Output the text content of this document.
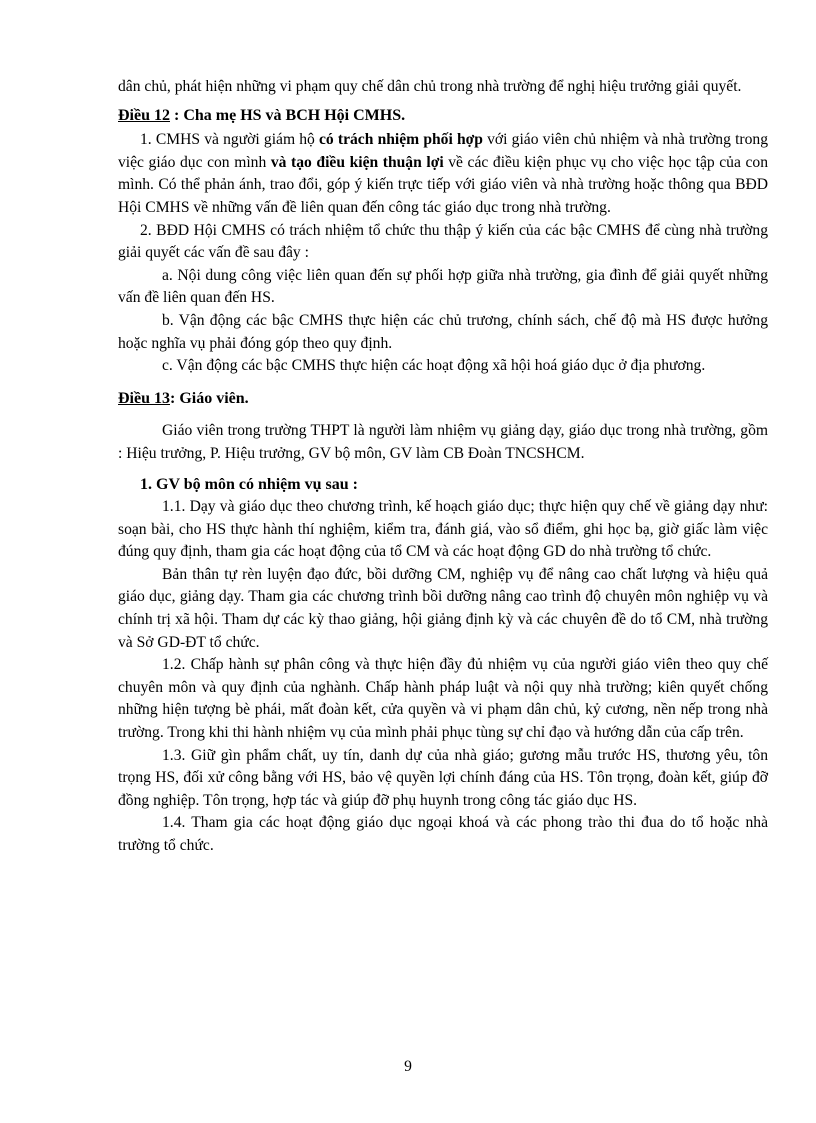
dân chủ, phát hiện những vi phạm quy chế dân chủ trong nhà trường để nghị hiệu trưởng giải quyết.

Điều 12 : Cha mẹ HS và BCH Hội CMHS.

1. CMHS và người giám hộ có trách nhiệm phối hợp với giáo viên chủ nhiệm và nhà trường trong việc giáo dục con mình và tạo điều kiện thuận lợi về các điều kiện phục vụ cho việc học tập của con mình. Có thể phản ánh, trao đổi, góp ý kiến trực tiếp với giáo viên và nhà trường hoặc thông qua BĐD Hội CMHS về những vấn đề liên quan đến công tác giáo dục trong nhà trường.

2. BĐD Hội CMHS có trách nhiệm tổ chức thu thập ý kiến của các bậc CMHS để cùng nhà trường giải quyết các vấn đề sau đây :

a. Nội dung công việc liên quan đến sự phối hợp giữa nhà trường, gia đình để giải quyết những vấn đề liên quan đến HS.

b. Vận động các bậc CMHS thực hiện các chủ trương, chính sách, chế độ mà HS được hưởng hoặc nghĩa vụ phải đóng góp theo quy định.

c. Vận động các bậc CMHS thực hiện các hoạt động xã hội hoá giáo dục ở địa phương.

Điều 13: Giáo viên.

Giáo viên trong trường THPT là người làm nhiệm vụ giảng dạy, giáo dục trong nhà trường, gồm : Hiệu trưởng, P. Hiệu trưởng, GV bộ môn, GV làm CB Đoàn TNCSHCM.

1. GV bộ môn có nhiệm vụ sau :

1.1. Dạy và giáo dục theo chương trình, kế hoạch giáo dục; thực hiện quy chế về giảng dạy như: soạn bài, cho HS thực hành thí nghiệm, kiểm tra, đánh giá, vào sổ điểm, ghi học bạ, giờ giấc làm việc đúng quy định, tham gia các hoạt động của tổ CM và các hoạt động GD do nhà trường tổ chức.

Bản thân tự rèn luyện đạo đức, bồi dưỡng CM, nghiệp vụ để nâng cao chất lượng và hiệu quả giáo dục, giảng dạy. Tham gia các chương trình bồi dưỡng nâng cao trình độ chuyên môn nghiệp vụ và chính trị xã hội. Tham dự các kỳ thao giảng, hội giảng định kỳ và các chuyên đề do tổ CM, nhà trường và Sở GD-ĐT tổ chức.

1.2. Chấp hành sự phân công và thực hiện đầy đủ nhiệm vụ của người giáo viên theo quy chế chuyên môn và quy định của nghành. Chấp hành pháp luật và nội quy nhà trường; kiên quyết chống những hiện tượng bè phái, mất đoàn kết, cửa quyền và vi phạm dân chủ, kỷ cương, nền nếp trong nhà trường. Trong khi thi hành nhiệm vụ của mình phải phục tùng sự chỉ đạo và hướng dẫn của cấp trên.

1.3. Giữ gìn phẩm chất, uy tín, danh dự của nhà giáo; gương mẫu trước HS, thương yêu, tôn trọng HS, đối xử công bằng với HS, bảo vệ quyền lợi chính đáng của HS. Tôn trọng, đoàn kết, giúp đỡ đồng nghiệp. Tôn trọng, hợp tác và giúp đỡ phụ huynh trong công tác giáo dục HS.

1.4. Tham gia các hoạt động giáo dục ngoại khoá và các phong trào thi đua do tổ hoặc nhà trường tổ chức.

9
